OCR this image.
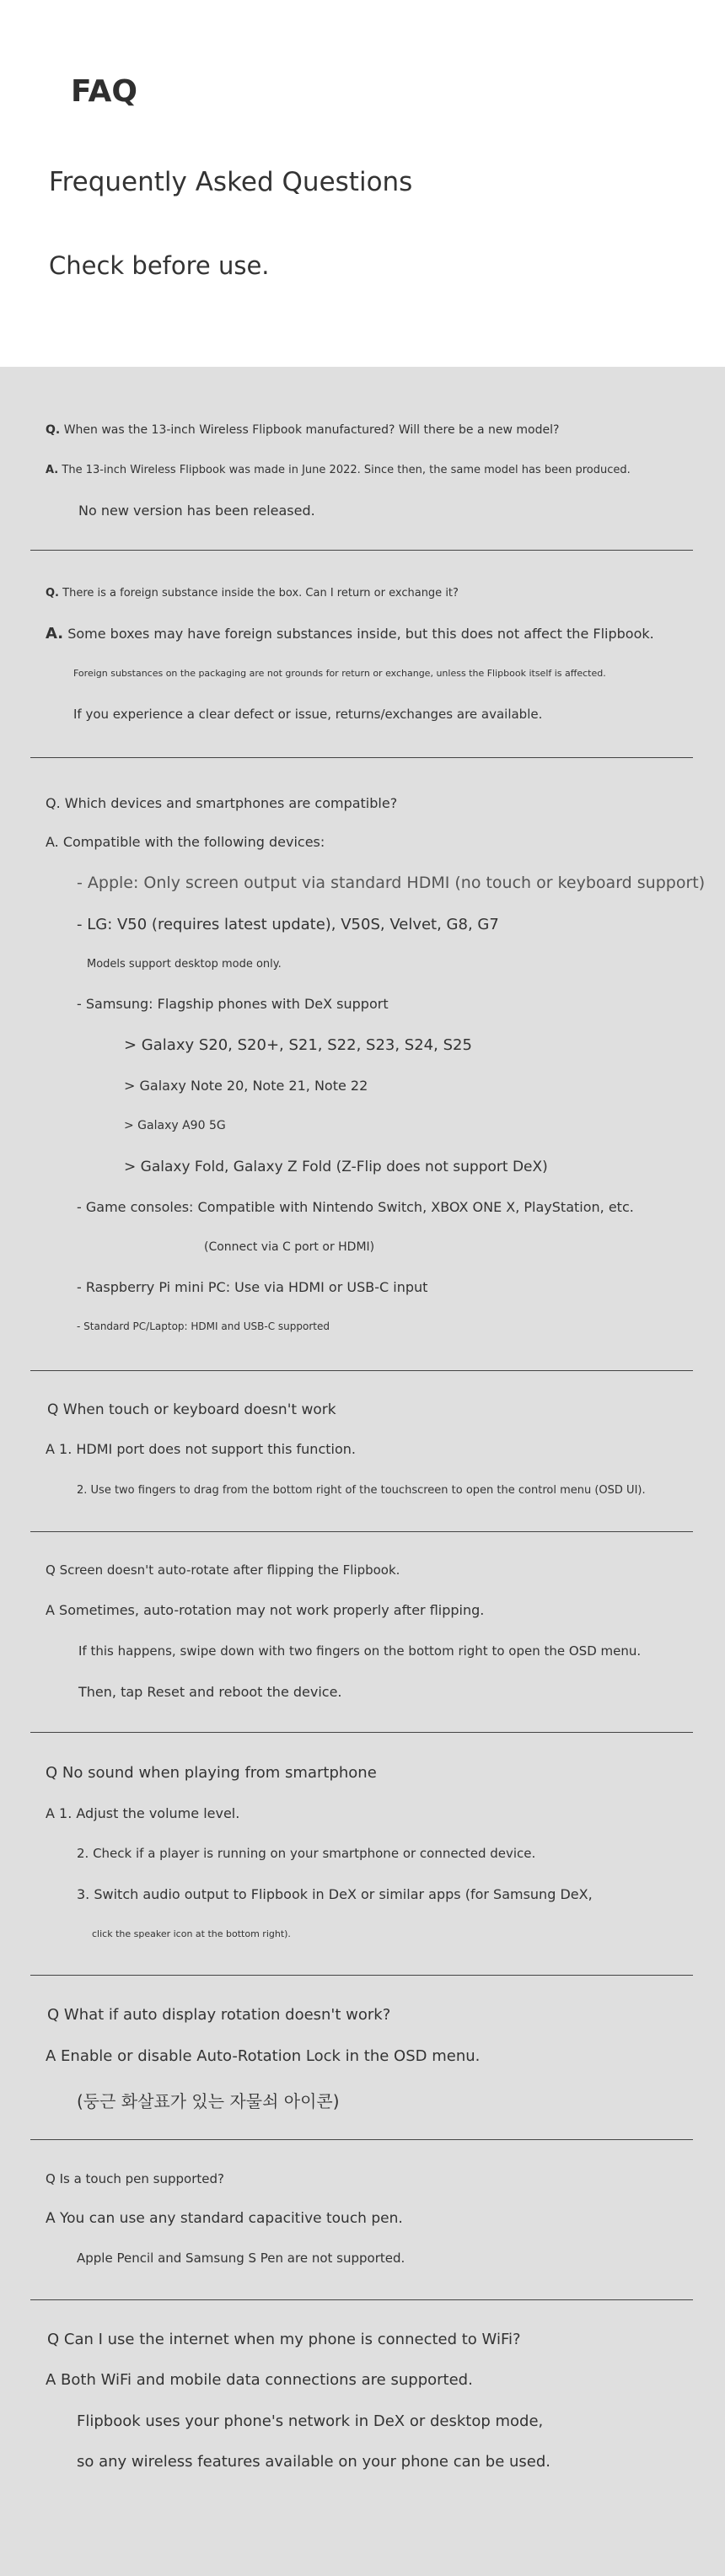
FAQ
Frequently Asked Questions
Check before use.
Q. When was the 13-inch Wireless Flipbook manufactured? Will there be a new model?
A. The 13-inch Wireless Flipbook was made in June 2022. Since then, the same model has been produced.
No new version has been released.
Q. There is a foreign substance inside the box. Can I return or exchange it?
A. Some boxes may have foreign substances inside, but this does not affect the Flipbook.
Foreign substances on the packaging are not grounds for return or exchange, unless the Flipbook itself is affected.
If you experience a clear defect or issue, returns/exchanges are available.
Q. Which devices and smartphones are compatible?
A. Compatible with the following devices:
- Apple: Only screen output via standard HDMI (no touch or keyboard support)
- LG: V50 (requires latest update), V50S, Velvet, G8, G7
Models support desktop mode only.
- Samsung: Flagship phones with DeX support
> Galaxy S20, S20+, S21, S22, S23, S24, S25
> Galaxy Note 20, Note 21, Note 22
> Galaxy A90 5G
> Galaxy Fold, Galaxy Z Fold (Z-Flip does not support DeX)
- Game consoles: Compatible with Nintendo Switch, XBOX ONE X, PlayStation, etc.
(Connect via C port or HDMI)
- Raspberry Pi mini PC: Use via HDMI or USB-C input
- Standard PC/Laptop: HDMI and USB-C supported
Q When touch or keyboard doesn't work
A 1. HDMI port does not support this function.
2. Use two fingers to drag from the bottom right of the touchscreen to open the control menu (OSD UI).
Q Screen doesn't auto-rotate after flipping the Flipbook.
A Sometimes, auto-rotation may not work properly after flipping.
If this happens, swipe down with two fingers on the bottom right to open the OSD menu.
Then, tap Reset and reboot the device.
Q No sound when playing from smartphone
A 1. Adjust the volume level.
2. Check if a player is running on your smartphone or connected device.
3. Switch audio output to Flipbook in DeX or similar apps (for Samsung DeX,
click the speaker icon at the bottom right).
Q What if auto display rotation doesn't work?
A Enable or disable Auto-Rotation Lock in the OSD menu.
(둥근 화살표가 있는 자물쇠 아이콘)
Q Is a touch pen supported?
A You can use any standard capacitive touch pen.
Apple Pencil and Samsung S Pen are not supported.
Q Can I use the internet when my phone is connected to WiFi?
A Both WiFi and mobile data connections are supported.
Flipbook uses your phone's network in DeX or desktop mode,
so any wireless features available on your phone can be used.
